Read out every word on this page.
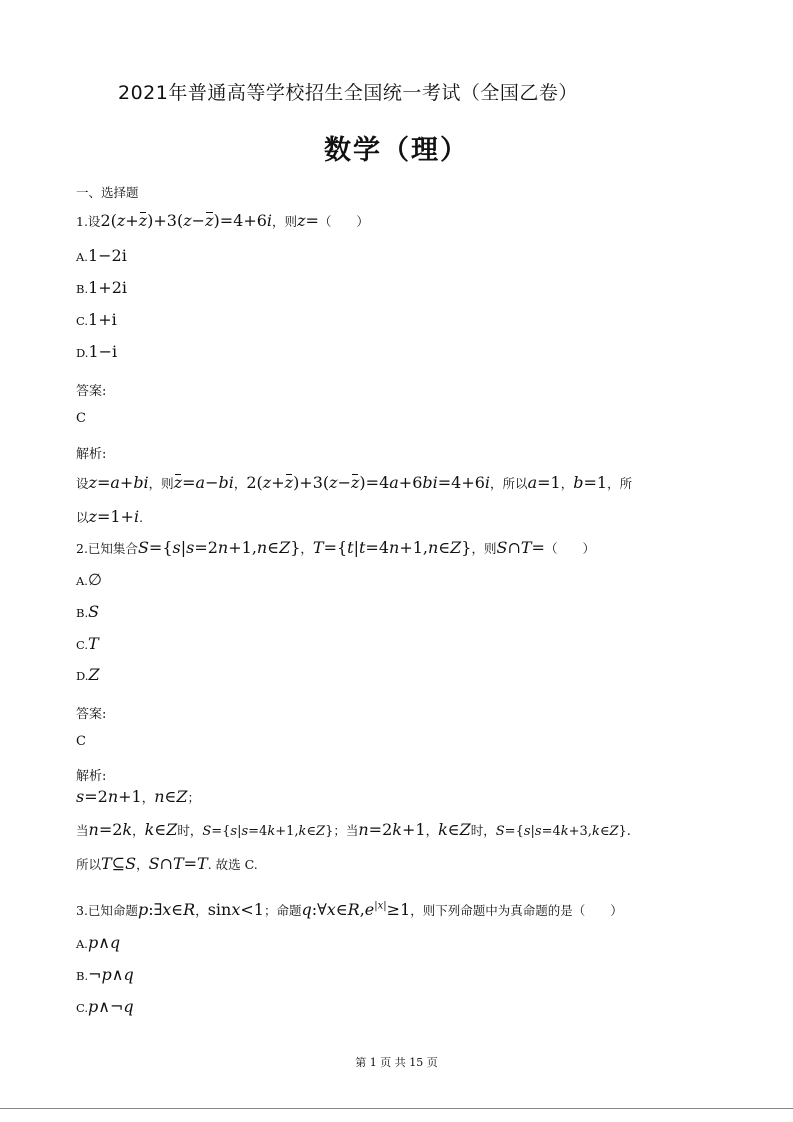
2021年普通高等学校招生全国统一考试（全国乙卷）
数学（理）
一、选择题
1.设2(z+z)+3(z−z)=4+6i，则z=（　　）
A.1−2i
B.1+2i
C.1+i
D.1−i
答案:
C
解析:
设z=a+bi，则z=a−bi，2(z+z)+3(z−z)=4a+6bi=4+6i，所以a=1，b=1，所
以z=1+i.
2.已知集合S={s|s=2n+1,n∈Z}，T={t|t=4n+1,n∈Z}，则S∩T=（　　）
A.∅
B.S
C.T
D.Z
答案:
C
解析:
s=2n+1，n∈Z；
当n=2k，k∈Z时，S={s|s=4k+1,k∈Z}；当n=2k+1，k∈Z时，S={s|s=4k+3,k∈Z}.
所以T⊆S，S∩T=T. 故选 C.
3.已知命题p:∃x∈R，sinx<1；命题$q:\forall x\in R,e^{|x|}\ge 1$，则下列命题中为真命题的是（　　）
A.p∧q
B.¬p∧q
C.p∧¬q
第 1 页 共 15 页
